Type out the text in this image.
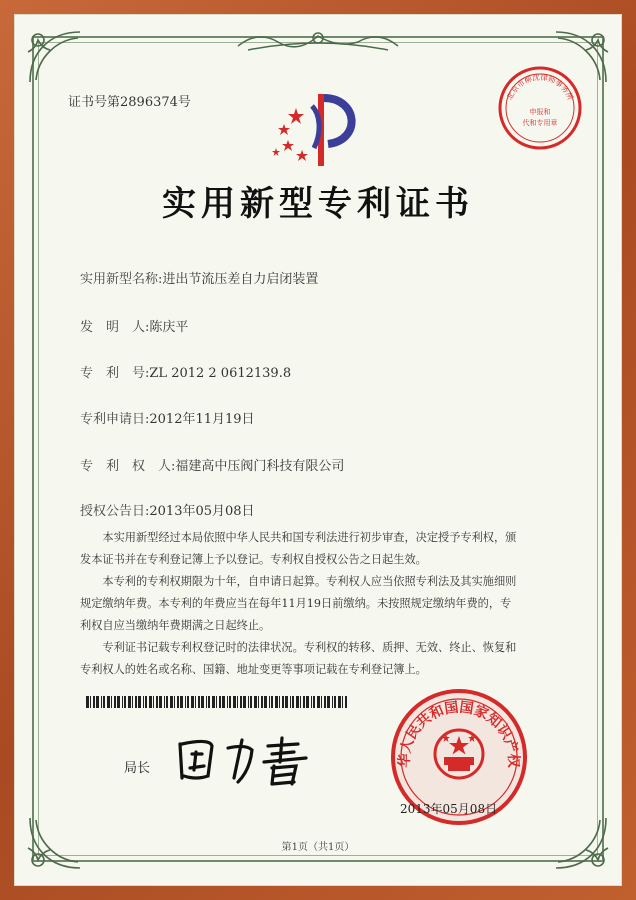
证书号第2896374号	北京市柳沈律师事务所
申报和
代和专用章
实用新型专利证书
实用新型名称:进出节流压差自力启闭装置
发　明　人:陈庆平
专　利　号:ZL 2012 2 0612139.8
专利申请日:2012年11月19日
专　利　权　人:福建高中压阀门科技有限公司
授权公告日:2013年05月08日

本实用新型经过本局依照中华人民共和国专利法进行初步审查，决定授予专利权，颁

发本证书并在专利登记簿上予以登记。专利权自授权公告之日起生效。

本专利的专利权期限为十年，自申请日起算。专利权人应当依照专利法及其实施细则

规定缴纳年费。本专利的年费应当在每年11月19日前缴纳。未按照规定缴纳年费的，专

利权自应当缴纳年费期满之日起终止。

专利证书记载专利权登记时的法律状况。专利权的转移、质押、无效、终止、恢复和

专利权人的姓名或名称、国籍、地址变更等事项记载在专利登记簿上。

局长
华人民共和国国家知识产权
2013年05月08日
第1页（共1页）
